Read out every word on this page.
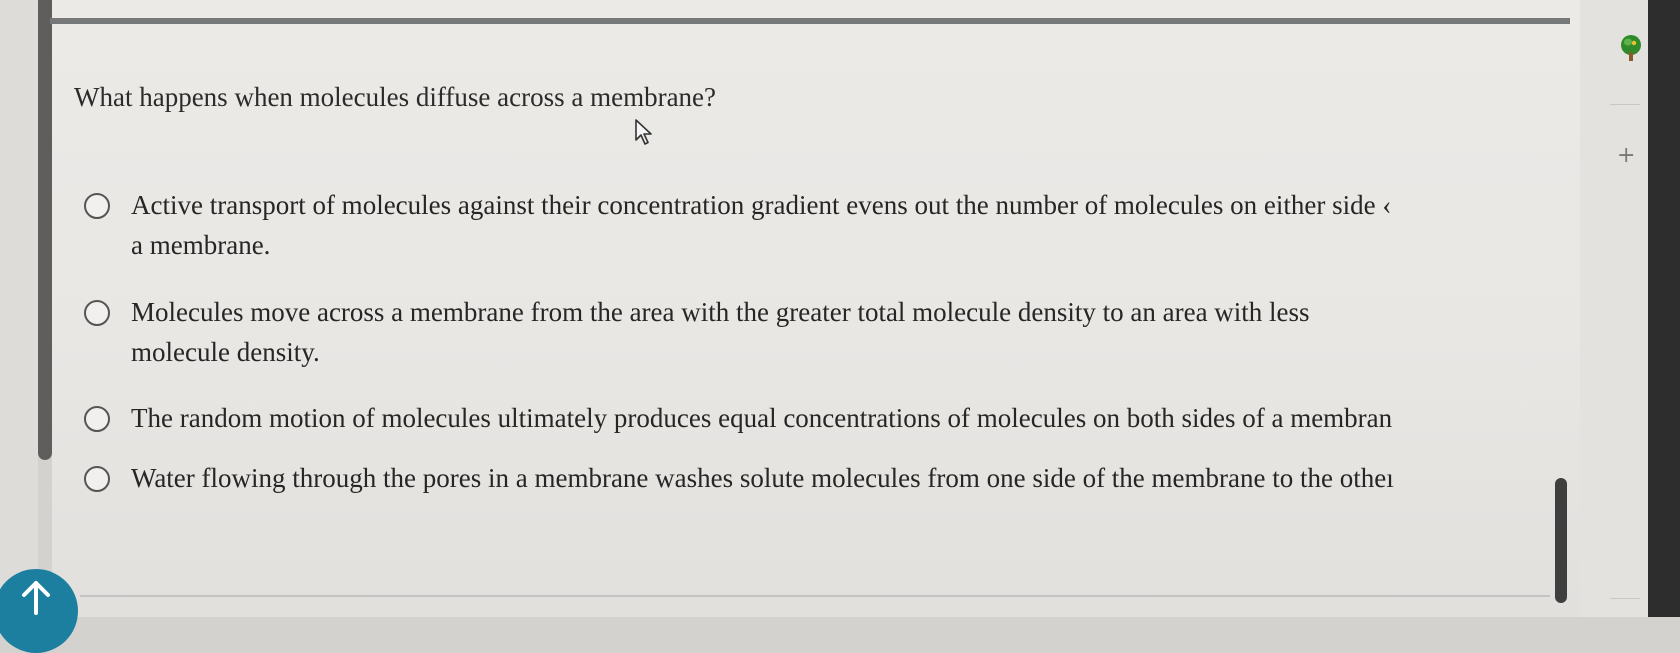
What happens when molecules diffuse across a membrane?
Active transport of molecules against their concentration gradient evens out the number of molecules on either side ‹
a membrane.
Molecules move across a membrane from the area with the greater total molecule density to an area with less
molecule density.
The random motion of molecules ultimately produces equal concentrations of molecules on both sides of a membran
Water flowing through the pores in a membrane washes solute molecules from one side of the membrane to the otheı
+
